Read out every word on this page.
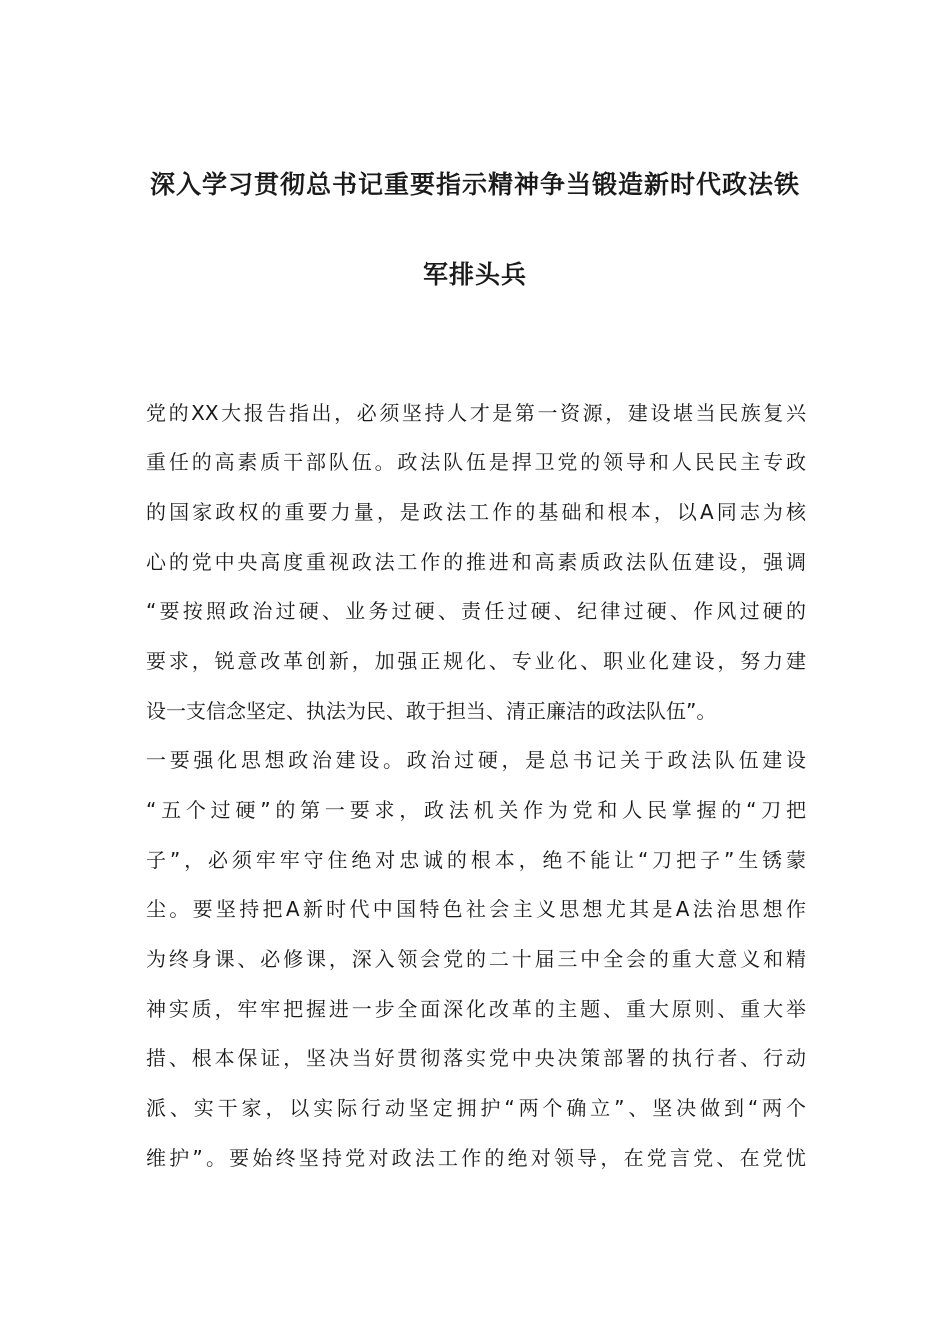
深入学习贯彻总书记重要指示精神争当锻造新时代政法铁
军排头兵
党的XX大报告指出，必须坚持人才是第一资源，建设堪当民族复兴
重任的高素质干部队伍。政法队伍是捍卫党的领导和人民民主专政
的国家政权的重要力量，是政法工作的基础和根本，以A同志为核
心的党中央高度重视政法工作的推进和高素质政法队伍建设，强调
“要按照政治过硬、业务过硬、责任过硬、纪律过硬、作风过硬的
要求，锐意改革创新，加强正规化、专业化、职业化建设，努力建
设一支信念坚定、执法为民、敢于担当、清正廉洁的政法队伍”。
一要强化思想政治建设。政治过硬，是总书记关于政法队伍建设
“五个过硬”的第一要求，政法机关作为党和人民掌握的“刀把
子”，必须牢牢守住绝对忠诚的根本，绝不能让“刀把子”生锈蒙
尘。要坚持把A新时代中国特色社会主义思想尤其是A法治思想作
为终身课、必修课，深入领会党的二十届三中全会的重大意义和精
神实质，牢牢把握进一步全面深化改革的主题、重大原则、重大举
措、根本保证，坚决当好贯彻落实党中央决策部署的执行者、行动
派、实干家，以实际行动坚定拥护“两个确立”、坚决做到“两个
维护”。要始终坚持党对政法工作的绝对领导，在党言党、在党忧
